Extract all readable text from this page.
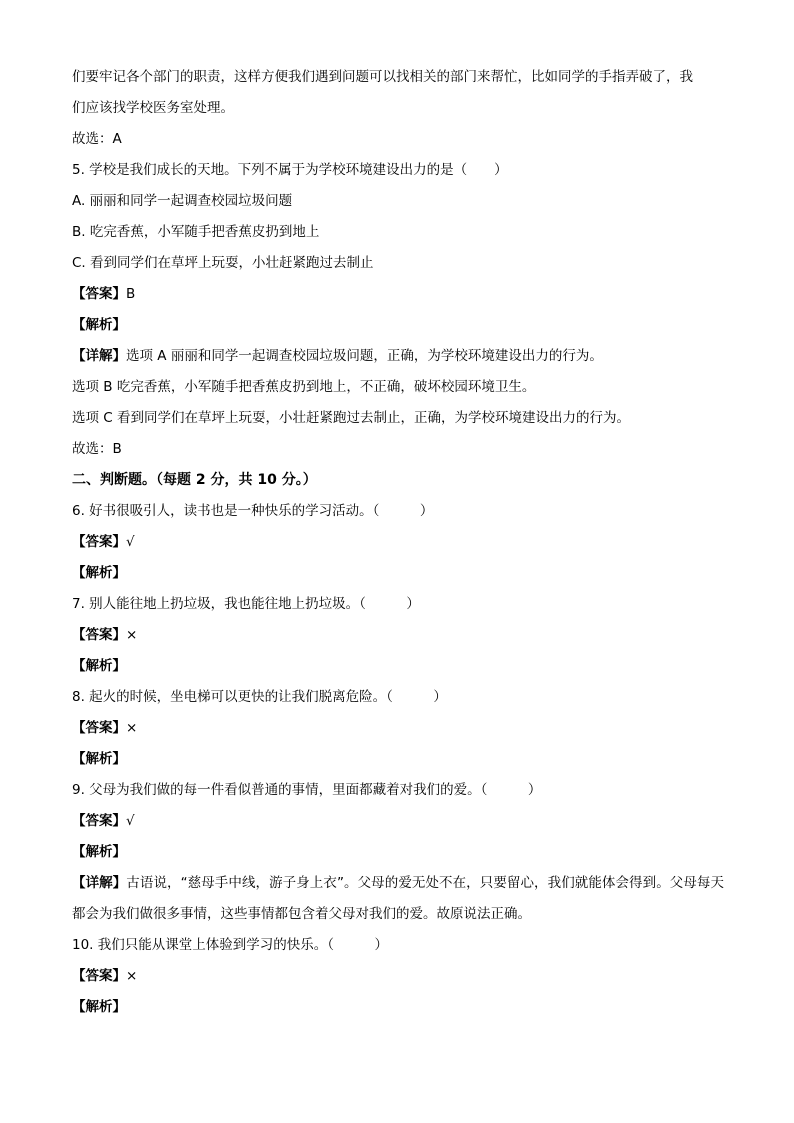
们要牢记各个部门的职责，这样方便我们遇到问题可以找相关的部门来帮忙，比如同学的手指弄破了，我
们应该找学校医务室处理。
故选：A
5. 学校是我们成长的天地。下列不属于为学校环境建设出力的是（　　）
A. 丽丽和同学一起调查校园垃圾问题
B. 吃完香蕉，小军随手把香蕉皮扔到地上
C. 看到同学们在草坪上玩耍，小壮赶紧跑过去制止
【答案】B
【解析】
【详解】选项 A 丽丽和同学一起调查校园垃圾问题，正确，为学校环境建设出力的行为。
选项 B 吃完香蕉，小军随手把香蕉皮扔到地上，不正确，破坏校园环境卫生。
选项 C 看到同学们在草坪上玩耍，小壮赶紧跑过去制止，正确，为学校环境建设出力的行为。
故选：B
二、判断题。（每题 2 分，共 10 分。）
6. 好书很吸引人，读书也是一种快乐的学习活动。（　　　）
【答案】√
【解析】
7. 别人能往地上扔垃圾，我也能往地上扔垃圾。（　　　）
【答案】×
【解析】
8. 起火的时候，坐电梯可以更快的让我们脱离危险。（　　　）
【答案】×
【解析】
9. 父母为我们做的每一件看似普通的事情，里面都藏着对我们的爱。（　　　）
【答案】√
【解析】
【详解】古语说，“慈母手中线，游子身上衣”。父母的爱无处不在，只要留心，我们就能体会得到。父母每天都会为我们做很多事情，这些事情都包含着父母对我们的爱。故原说法正确。
10. 我们只能从课堂上体验到学习的快乐。（　　　）
【答案】×
【解析】
